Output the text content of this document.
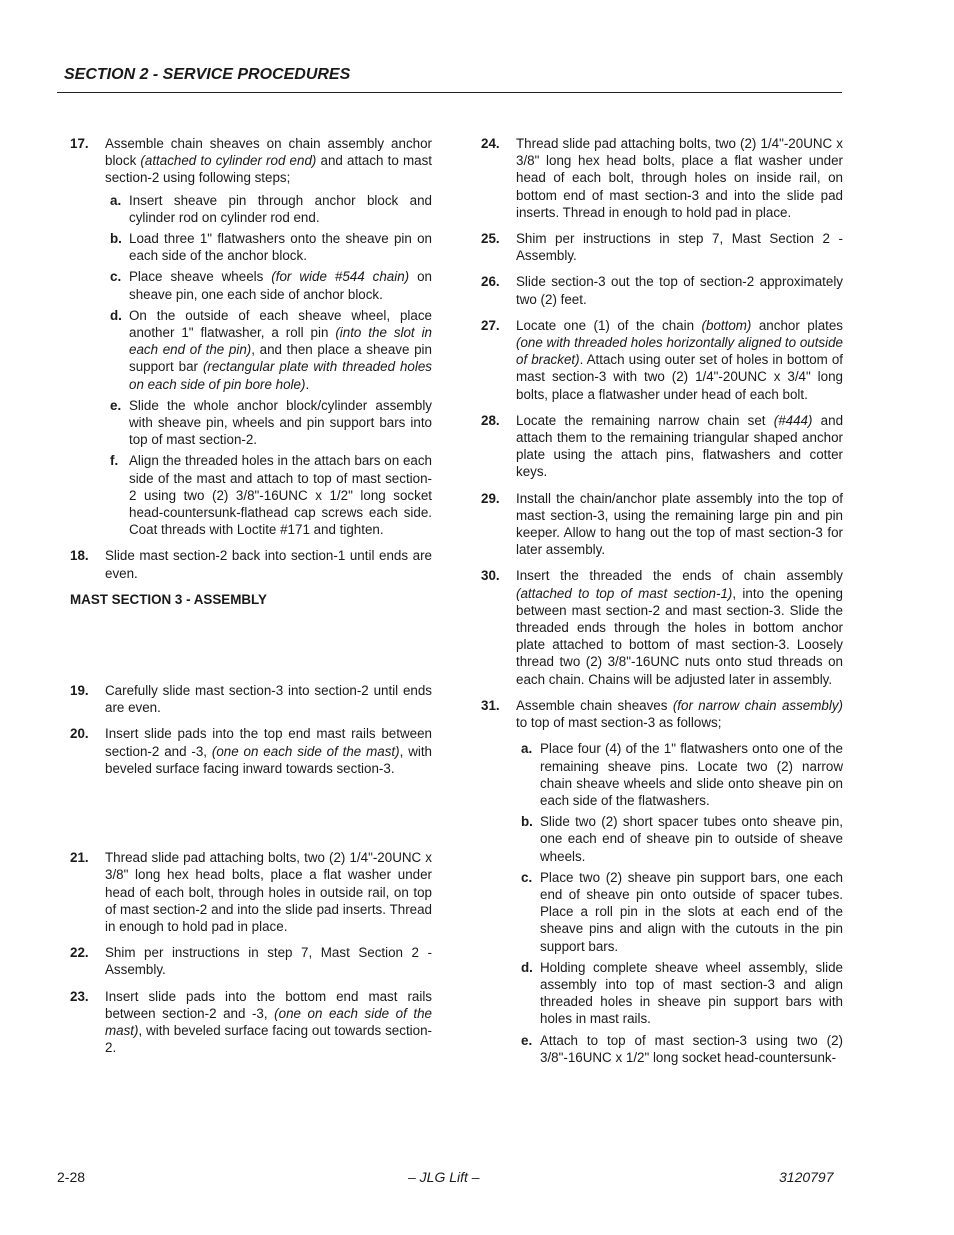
SECTION 2 - SERVICE PROCEDURES
17. Assemble chain sheaves on chain assembly anchor block (attached to cylinder rod end) and attach to mast section-2 using following steps;
a. Insert sheave pin through anchor block and cylinder rod on cylinder rod end.
b. Load three 1" flatwashers onto the sheave pin on each side of the anchor block.
c. Place sheave wheels (for wide #544 chain) on sheave pin, one each side of anchor block.
d. On the outside of each sheave wheel, place another 1" flatwasher, a roll pin (into the slot in each end of the pin), and then place a sheave pin support bar (rectangular plate with threaded holes on each side of pin bore hole).
e. Slide the whole anchor block/cylinder assembly with sheave pin, wheels and pin support bars into top of mast section-2.
f. Align the threaded holes in the attach bars on each side of the mast and attach to top of mast section-2 using two (2) 3/8"-16UNC x 1/2" long socket head-countersunk-flathead cap screws each side. Coat threads with Loctite #171 and tighten.
18. Slide mast section-2 back into section-1 until ends are even.
MAST SECTION 3 - ASSEMBLY
19. Carefully slide mast section-3 into section-2 until ends are even.
20. Insert slide pads into the top end mast rails between section-2 and -3, (one on each side of the mast), with beveled surface facing inward towards section-3.
21. Thread slide pad attaching bolts, two (2) 1/4"-20UNC x 3/8" long hex head bolts, place a flat washer under head of each bolt, through holes in outside rail, on top of mast section-2 and into the slide pad inserts. Thread in enough to hold pad in place.
22. Shim per instructions in step 7, Mast Section 2 - Assembly.
23. Insert slide pads into the bottom end mast rails between section-2 and -3, (one on each side of the mast), with beveled surface facing out towards section-2.
24. Thread slide pad attaching bolts, two (2) 1/4"-20UNC x 3/8" long hex head bolts, place a flat washer under head of each bolt, through holes on inside rail, on bottom end of mast section-3 and into the slide pad inserts. Thread in enough to hold pad in place.
25. Shim per instructions in step 7, Mast Section 2 - Assembly.
26. Slide section-3 out the top of section-2 approximately two (2) feet.
27. Locate one (1) of the chain (bottom) anchor plates (one with threaded holes horizontally aligned to outside of bracket). Attach using outer set of holes in bottom of mast section-3 with two (2) 1/4"-20UNC x 3/4" long bolts, place a flatwasher under head of each bolt.
28. Locate the remaining narrow chain set (#444) and attach them to the remaining triangular shaped anchor plate using the attach pins, flatwashers and cotter keys.
29. Install the chain/anchor plate assembly into the top of mast section-3, using the remaining large pin and pin keeper. Allow to hang out the top of mast section-3 for later assembly.
30. Insert the threaded the ends of chain assembly (attached to top of mast section-1), into the opening between mast section-2 and mast section-3. Slide the threaded ends through the holes in bottom anchor plate attached to bottom of mast section-3. Loosely thread two (2) 3/8"-16UNC nuts onto stud threads on each chain. Chains will be adjusted later in assembly.
31. Assemble chain sheaves (for narrow chain assembly) to top of mast section-3 as follows;
a. Place four (4) of the 1" flatwashers onto one of the remaining sheave pins. Locate two (2) narrow chain sheave wheels and slide onto sheave pin on each side of the flatwashers.
b. Slide two (2) short spacer tubes onto sheave pin, one each end of sheave pin to outside of sheave wheels.
c. Place two (2) sheave pin support bars, one each end of sheave pin onto outside of spacer tubes. Place a roll pin in the slots at each end of the sheave pins and align with the cutouts in the pin support bars.
d. Holding complete sheave wheel assembly, slide assembly into top of mast section-3 and align threaded holes in sheave pin support bars with holes in mast rails.
e. Attach to top of mast section-3 using two (2) 3/8"-16UNC x 1/2" long socket head-countersunk-
2-28	– JLG Lift –	3120797
